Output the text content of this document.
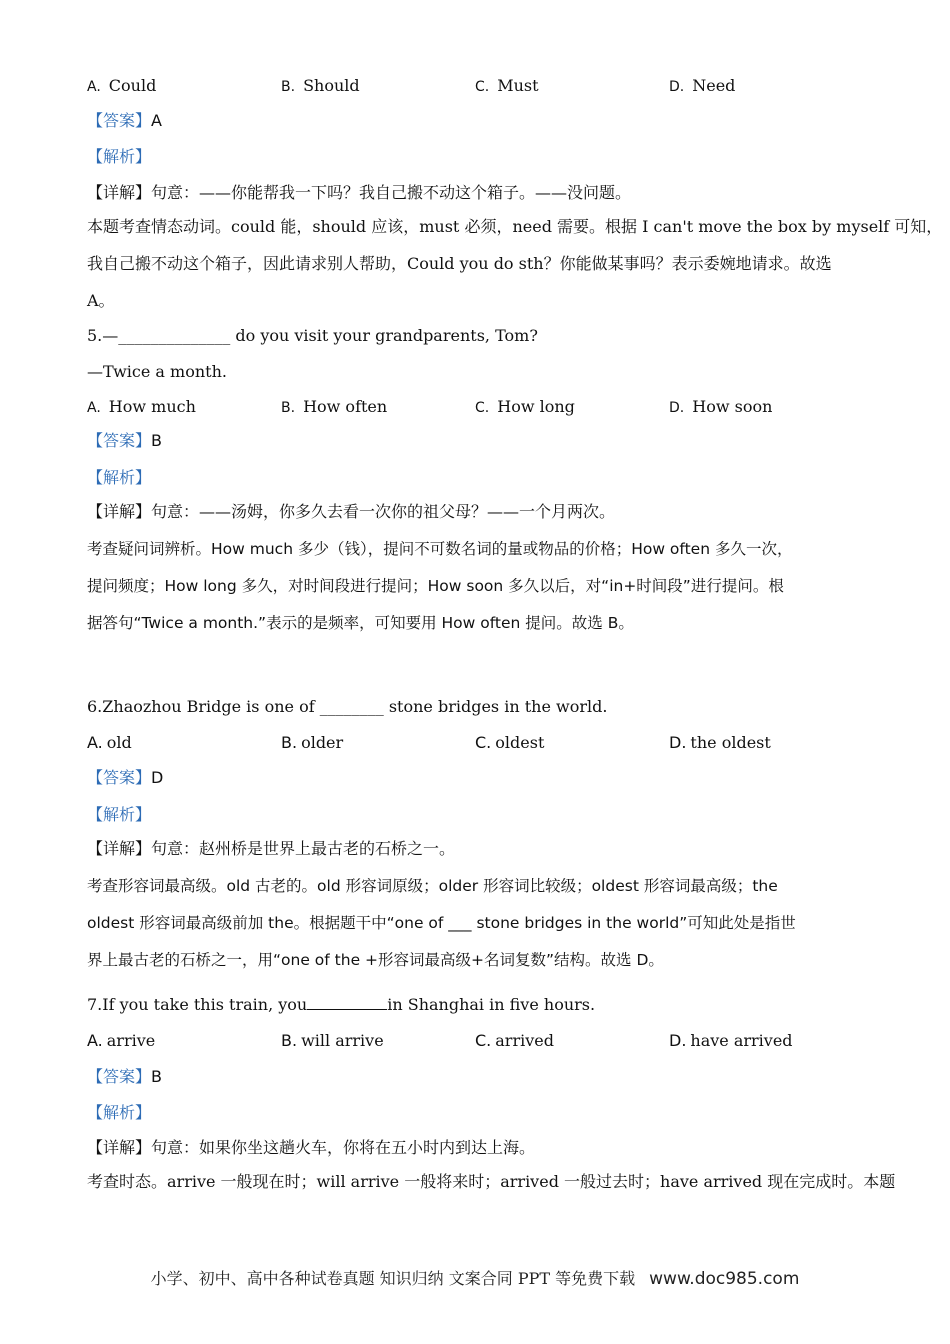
A. Could	B. Should	C. Must	D. Need
【答案】A
【解析】
【详解】句意：——你能帮我一下吗？我自己搬不动这个箱子。——没问题。
本题考查情态动词。could 能，should 应该，must 必须，need 需要。根据 I can't move the box by myself 可知，
我自己搬不动这个箱子，因此请求别人帮助，Could you do sth？你能做某事吗？表示委婉地请求。故选
A。
5.—______________ do you visit your grandparents, Tom?
—Twice a month.
A. How much	B. How often	C. How long	D. How soon
【答案】B
【解析】
【详解】句意：——汤姆，你多久去看一次你的祖父母？——一个月两次。
考查疑问词辨析。How much 多少（钱），提问不可数名词的量或物品的价格；How often 多久一次，
提问频度；How long 多久，对时间段进行提问；How soon 多久以后，对“in+时间段”进行提问。根
据答句“Twice a month.”表示的是频率，可知要用 How often 提问。故选 B。
6.Zhaozhou Bridge is one of ________ stone bridges in the world.
A. old	B. older	C. oldest	D. the oldest
【答案】D
【解析】
【详解】句意：赵州桥是世界上最古老的石桥之一。
考查形容词最高级。old 古老的。old 形容词原级；older 形容词比较级；oldest 形容词最高级；the
oldest 形容词最高级前加 the。根据题干中“one of ___ stone bridges in the world”可知此处是指世
界上最古老的石桥之一，用“one of the +形容词最高级+名词复数”结构。故选 D。
7.If you take this train, you	in Shanghai in five hours.
A. arrive	B. will arrive	C. arrived	D. have arrived
【答案】B
【解析】
【详解】句意：如果你坐这趟火车，你将在五小时内到达上海。
考查时态。arrive 一般现在时；will arrive 一般将来时；arrived 一般过去时；have arrived 现在完成时。本题
小学、初中、高中各种试卷真题 知识归纳 文案合同 PPT 等免费下载 www.doc985.com
